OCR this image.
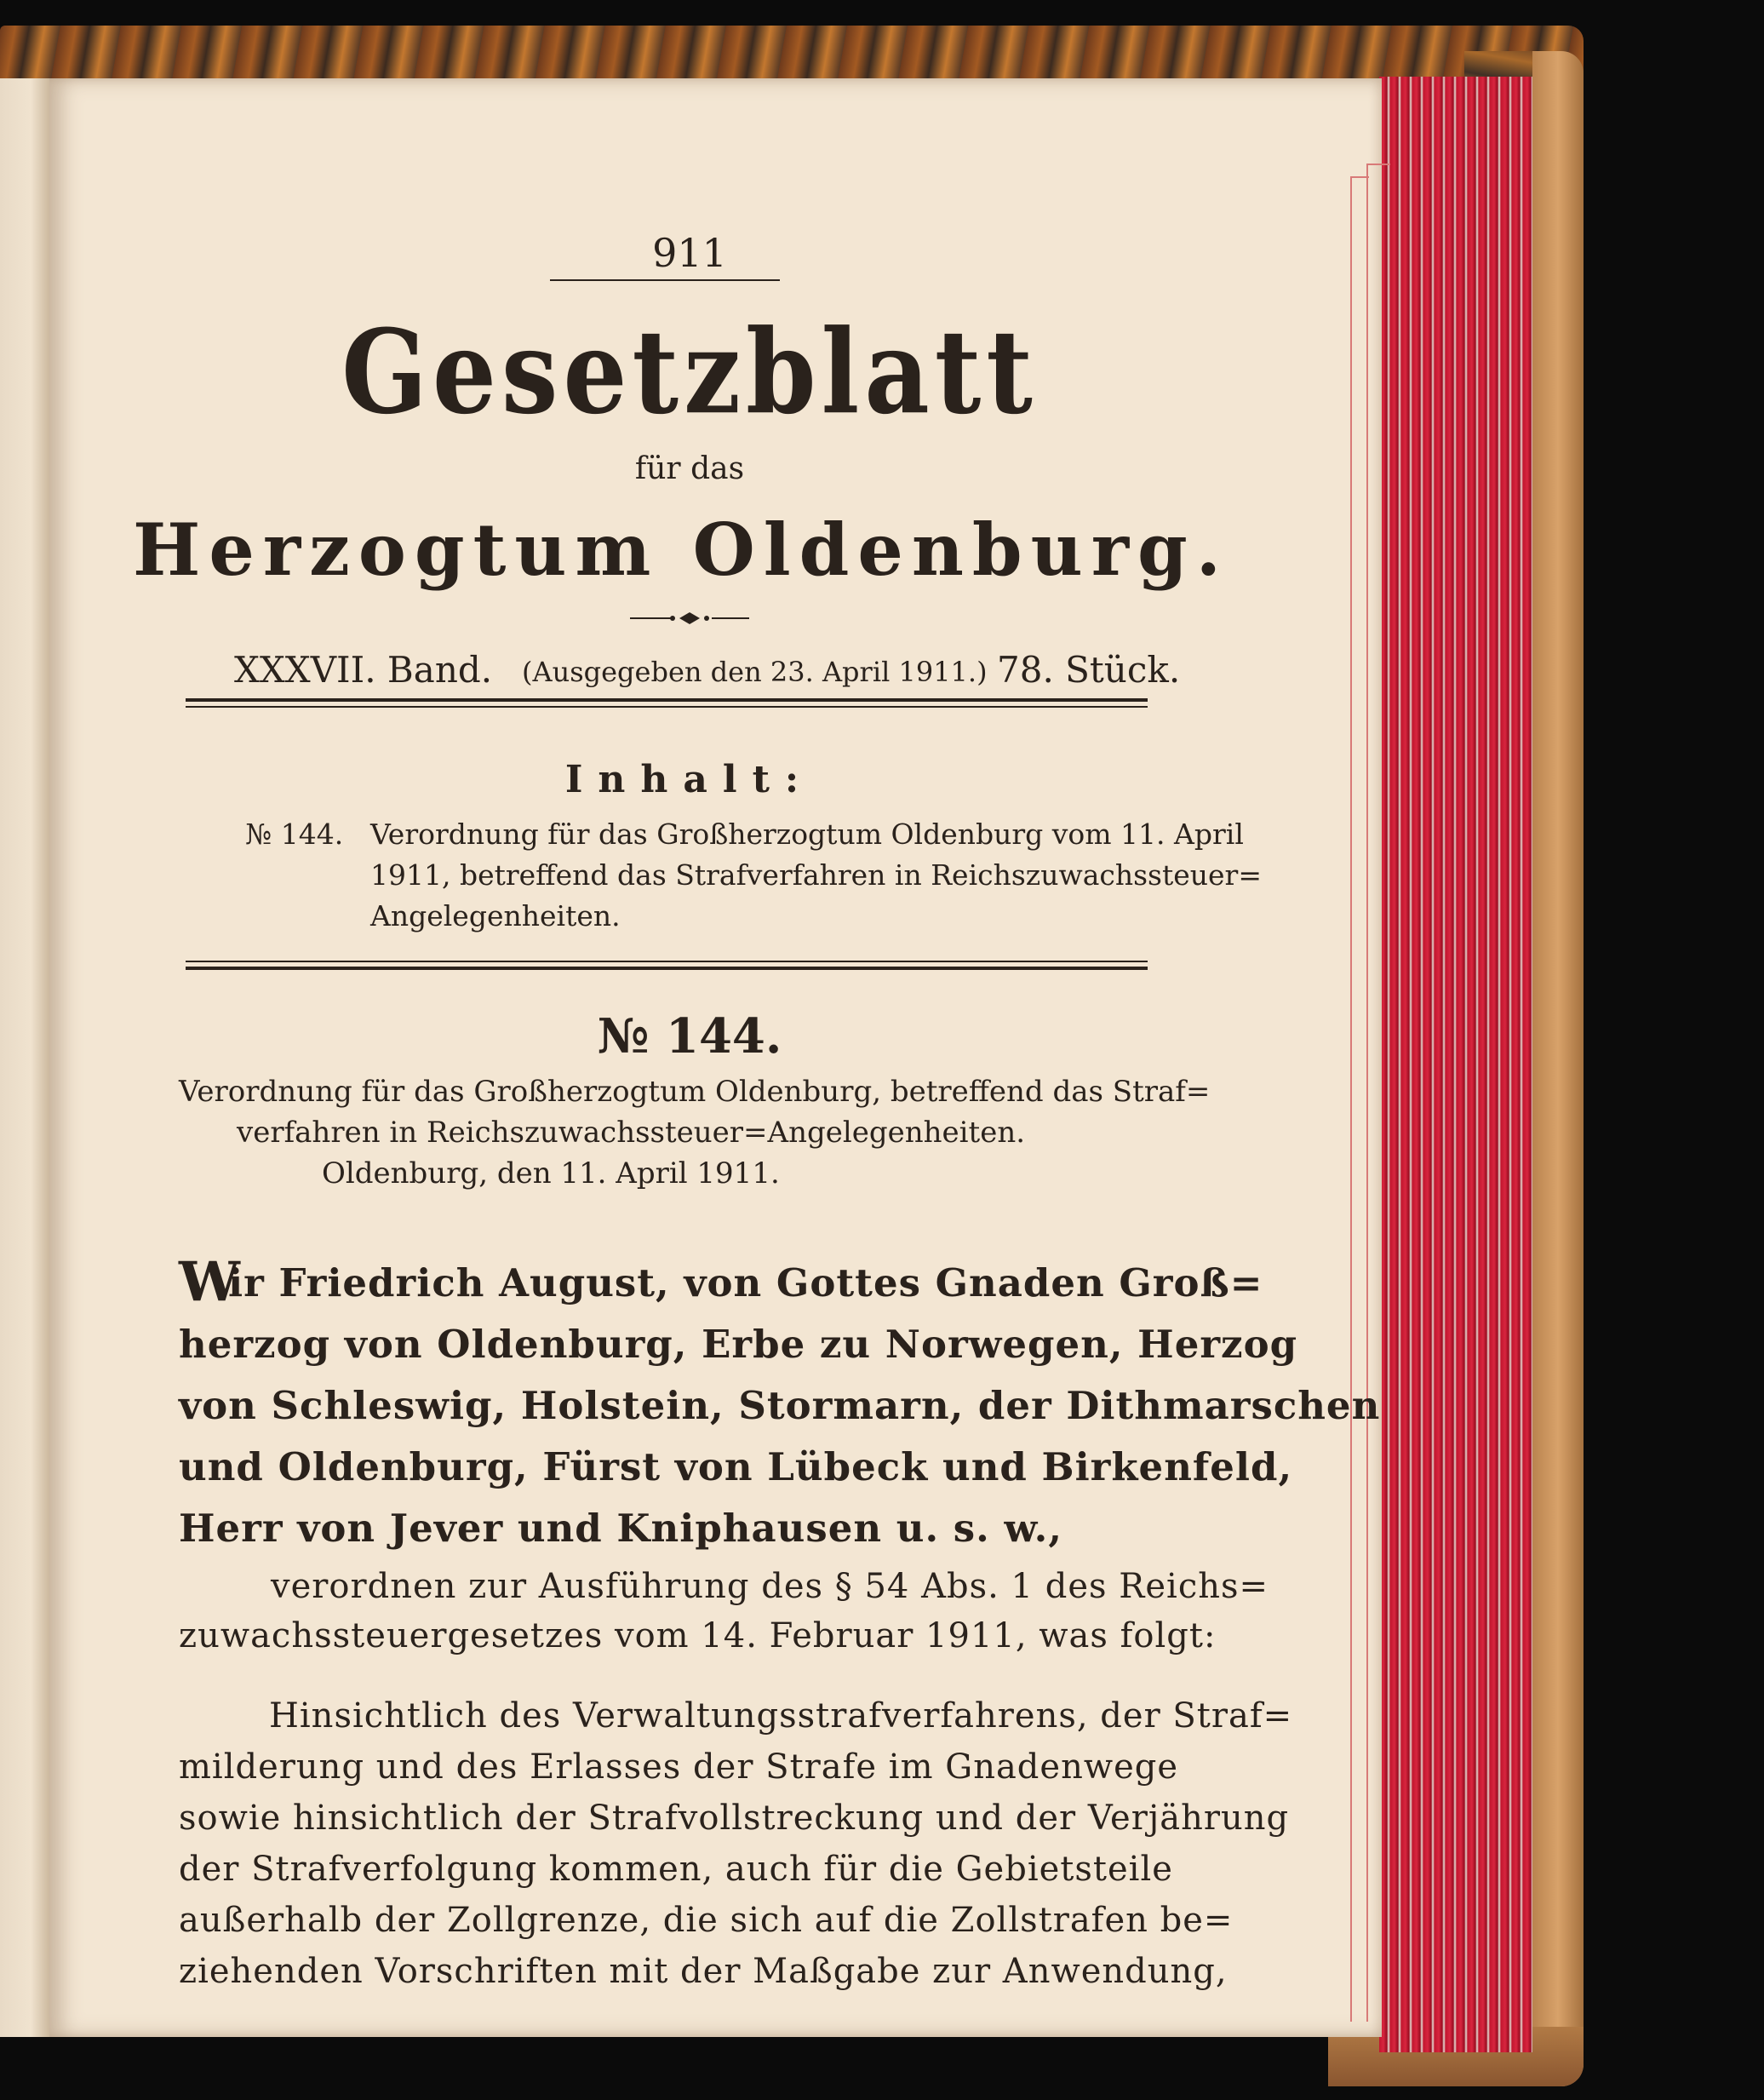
911
Gesetzblatt
für das
Herzogtum Oldenburg.
XXXVII. Band. (Ausgegeben den 23. April 1911.) 78. Stück.
Inhalt:
№ 144. Verordnung für das Großherzogtum Oldenburg vom 11. April
1911, betreffend das Strafverfahren in Reichszuwachssteuer=
Angelegenheiten.
№ 144.
Verordnung für das Großherzogtum Oldenburg, betreffend das Straf=
verfahren in Reichszuwachssteuer=Angelegenheiten.
Oldenburg, den 11. April 1911.
W
ir Friedrich August, von Gottes Gnaden Groß=
herzog von Oldenburg, Erbe zu Norwegen, Herzog
von Schleswig, Holstein, Stormarn, der Dithmarschen
und Oldenburg, Fürst von Lübeck und Birkenfeld,
Herr von Jever und Kniphausen u. s. w.,
verordnen zur Ausführung des § 54 Abs. 1 des Reichs=
zuwachssteuergesetzes vom 14. Februar 1911, was folgt:
Hinsichtlich des Verwaltungsstrafverfahrens, der Straf=
milderung und des Erlasses der Strafe im Gnadenwege
sowie hinsichtlich der Strafvollstreckung und der Verjährung
der Strafverfolgung kommen, auch für die Gebietsteile
außerhalb der Zollgrenze, die sich auf die Zollstrafen be=
ziehenden Vorschriften mit der Maßgabe zur Anwendung,
